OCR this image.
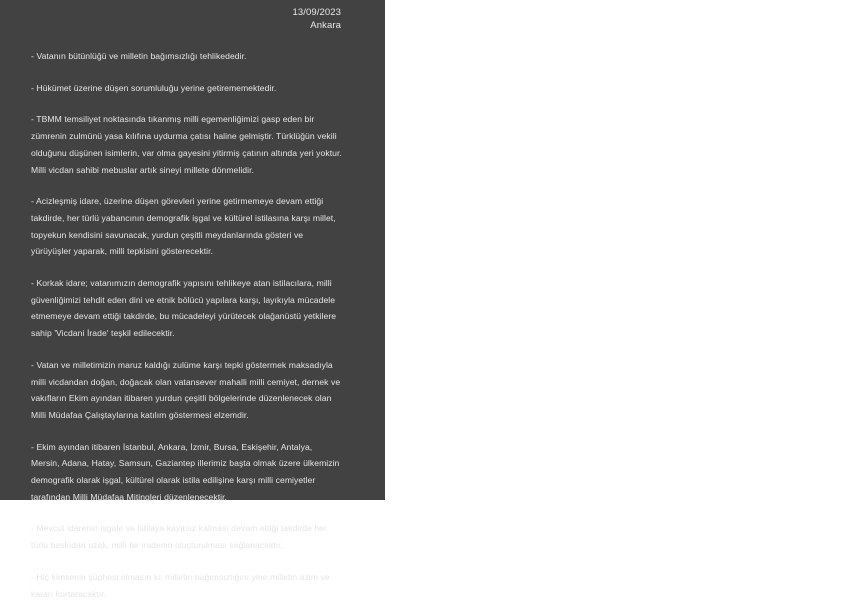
13/09/2023
Ankara

- Vatanın bütünlüğü ve milletin bağımsızlığı tehlikededir.

- Hükümet üzerine düşen sorumluluğu yerine getirememektedir.

- TBMM temsiliyet noktasında tıkanmış milli egemenliğimizi gasp eden bir zümrenin zulmünü yasa kılıfına uydurma çatısı haline gelmiştir. Türklüğün vekili olduğunu düşünen isimlerin, var olma gayesini yitirmiş çatının altında yeri yoktur. Milli vicdan sahibi mebuslar artık sineyi millete dönmelidir.

- Acizleşmiş idare, üzerine düşen görevleri yerine getirmemeye devam ettiği takdirde, her türlü yabancının demografik işgal ve kültürel istilasına karşı millet, topyekun kendisini savunacak, yurdun çeşitli meydanlarında gösteri ve yürüyüşler yaparak, milli tepkisini gösterecektir.

- Korkak idare; vatanımızın demografik yapısını tehlikeye atan istilacılara, milli güvenliğimizi tehdit eden dini ve etnik bölücü yapılara karşı, layıkıyla mücadele etmemeye devam ettiği takdirde, bu mücadeleyi yürütecek olağanüstü yetkilere sahip 'Vicdani İrade' teşkil edilecektir.

- Vatan ve milletimizin maruz kaldığı zulüme karşı tepki göstermek maksadıyla milli vicdandan doğan, doğacak olan vatansever mahalli milli cemiyet, dernek ve vakıfların Ekim ayından itibaren yurdun çeşitli bölgelerinde düzenlenecek olan Milli Müdafaa Çalıştaylarına katılım göstermesi elzemdir.

- Ekim ayından itibaren İstanbul, Ankara, İzmir, Bursa, Eskişehir, Antalya, Mersin, Adana, Hatay, Samsun, Gaziantep illerimiz başta olmak üzere ülkemizin demografik olarak işgal, kültürel olarak istila edilişine karşı milli cemiyetler tarafından Milli Müdafaa Mitingleri düzenlenecektir.

- Mevcut idarenin işgale ve istilaya kayıtsız kalması devam ettiği takdirde her türlü baskıdan uzak, milli bir iradenin oluşturulması sağlanacaktır.

- Hiç kimsenin şüphesi olmasın ki; milletin bağımsızlığını yine milletin azim ve kararı kurtaracaktır.
